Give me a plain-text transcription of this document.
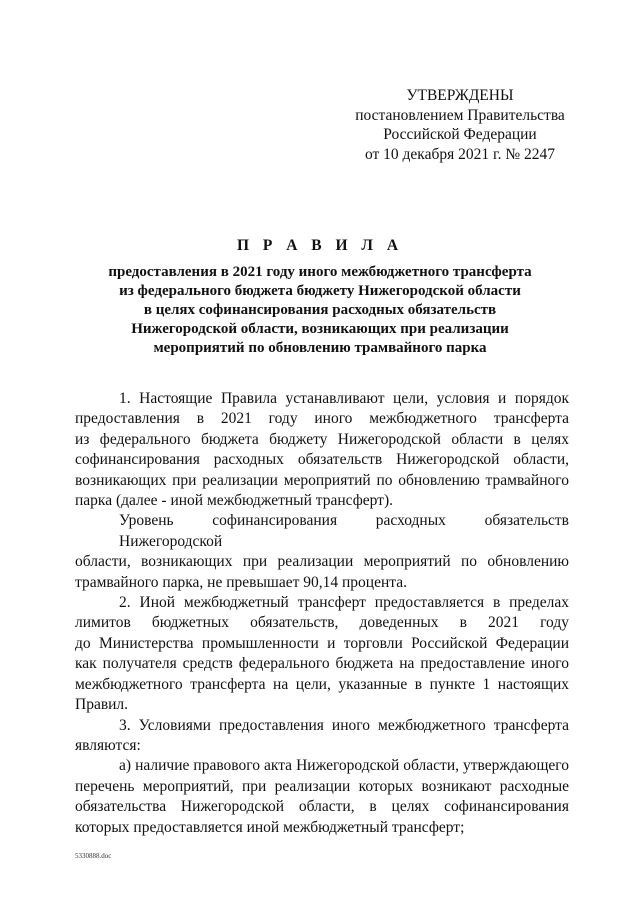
УТВЕРЖДЕНЫ
постановлением Правительства
Российской Федерации
от 10 декабря 2021 г. № 2247
П Р А В И Л А
предоставления в 2021 году иного межбюджетного трансферта
из федерального бюджета бюджету Нижегородской области
в целях софинансирования расходных обязательств
Нижегородской области, возникающих при реализации
мероприятий по обновлению трамвайного парка

1. Настоящие Правила устанавливают цели, условия и порядок
предоставления в 2021 году иного межбюджетного трансферта
из федерального бюджета бюджету Нижегородской области в целях
софинансирования расходных обязательств Нижегородской области,
возникающих при реализации мероприятий по обновлению трамвайного
парка (далее - иной межбюджетный трансферт).

Уровень софинансирования расходных обязательств Нижегородской
области, возникающих при реализации мероприятий по обновлению
трамвайного парка, не превышает 90,14 процента.

2. Иной межбюджетный трансферт предоставляется в пределах
лимитов бюджетных обязательств, доведенных в 2021 году
до Министерства промышленности и торговли Российской Федерации
как получателя средств федерального бюджета на предоставление иного
межбюджетного трансферта на цели, указанные в пункте 1 настоящих
Правил.

3. Условиями предоставления иного межбюджетного трансферта
являются:

а) наличие правового акта Нижегородской области, утверждающего
перечень мероприятий, при реализации которых возникают расходные
обязательства Нижегородской области, в целях софинансирования
которых предоставляется иной межбюджетный трансферт;

5330888.doc
